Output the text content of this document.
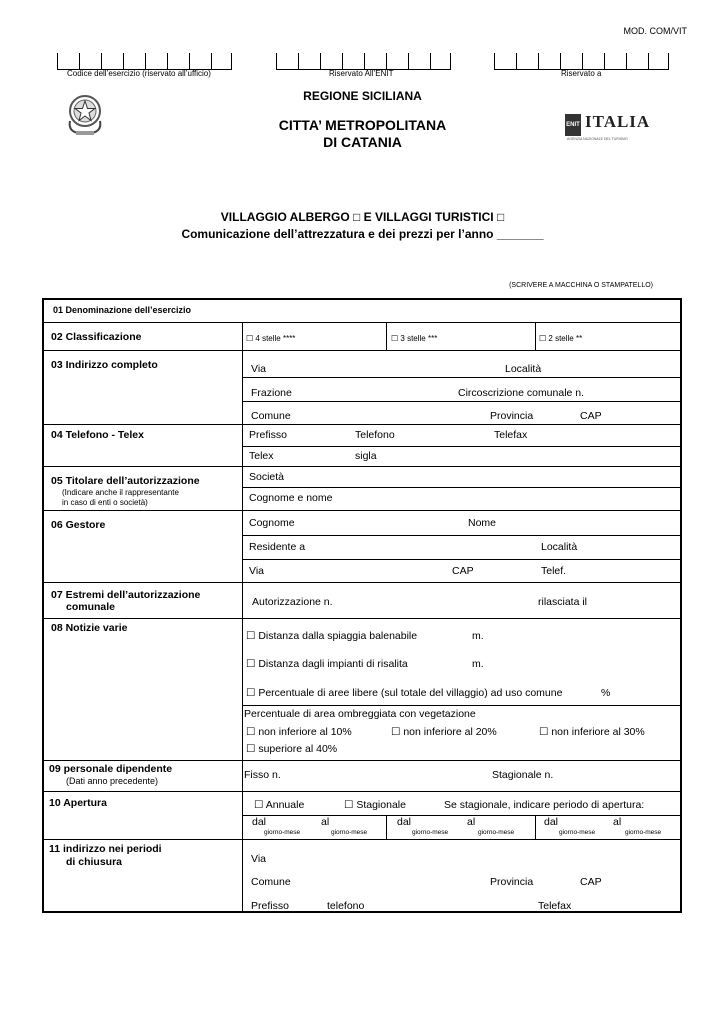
MOD. COM/VIT
Codice dell’esercizio (riservato all’ufficio)	Riservato All’ENIT	Riservato a
REGIONE SICILIANA
CITTA’ METROPOLITANA
DI CATANIA
ENIT ITALIA
AGENZIA NAZIONALE DEL TURISMO
VILLAGGIO ALBERGO □ E VILLAGGI TURISTICI □
Comunicazione dell’attrezzatura e dei prezzi per l’anno _______
(SCRIVERE A MACCHINA O STAMPATELLO)
01 Denominazione dell’esercizio
02 Classificazione	☐ 4 stelle ****	☐ 3 stelle ***	☐ 2 stelle **
03 Indirizzo completo	Via	Località
Frazione	Circoscrizione comunale n.
Comune	Provincia	CAP
04 Telefono - Telex	Prefisso	Telefono	Telefax
Telex	sigla
05 Titolare dell’autorizzazione
(Indicare anche il rappresentante
in caso di enti o società)
Società
Cognome e nome
06 Gestore	Cognome	Nome
Residente a	Località
Via	CAP	Telef.
07 Estremi dell’autorizzazione
comunale	Autorizzazione n.	rilasciata il
08 Notizie varie
☐ Distanza dalla spiaggia balenabile	m.
☐ Distanza dagli impianti di risalita	m.
☐ Percentuale di aree libere (sul totale del villaggio) ad uso comune	%
Percentuale di area ombreggiata con vegetazione
☐ non inferiore al 10%	☐ non inferiore al 20%	☐ non inferiore al 30%
☐ superiore al 40%
09 personale dipendente
(Dati anno precedente)	Fisso n.	Stagionale n.
10 Apertura	☐ Annuale	☐ Stagionale	Se stagionale, indicare periodo di apertura:
dal	al	dal	al	dal	al
giorno-mese	giorno-mese	giorno-mese	giorno-mese	giorno-mese	giorno-mese
11 indirizzo nei periodi
di chiusura	Via
Comune	Provincia	CAP
Prefisso	telefono	Telefax
